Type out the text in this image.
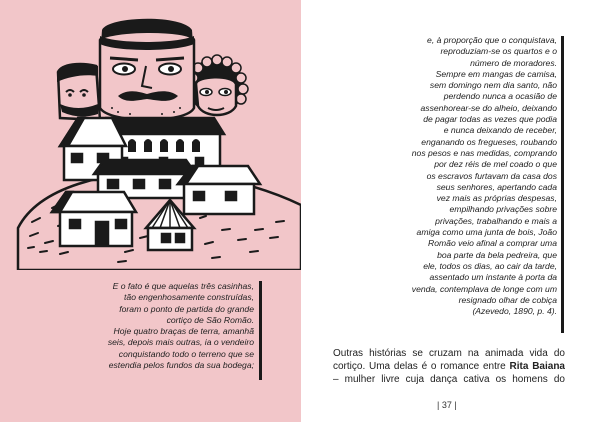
E o fato é que aquelas três casinhas,
tão engenhosamente construídas,
foram o ponto de partida do grande
cortiço de São Romão.
Hoje quatro braças de terra, amanhã
seis, depois mais outras, ia o vendeiro
conquistando todo o terreno que se
estendia pelos fundos da sua bodega;
e, à proporção que o conquistava,
reproduziam-se os quartos e o
número de moradores.
Sempre em mangas de camisa,
sem domingo nem dia santo, não
perdendo nunca a ocasião de
assenhorear-se do alheio, deixando
de pagar todas as vezes que podia
e nunca deixando de receber,
enganando os fregueses, roubando
nos pesos e nas medidas, comprando
por dez réis de mel coado o que
os escravos furtavam da casa dos
seus senhores, apertando cada
vez mais as próprias despesas,
empilhando privações sobre
privações, trabalhando e mais a
amiga como uma junta de bois, João
Romão veio afinal a comprar uma
boa parte da bela pedreira, que
ele, todos os dias, ao cair da tarde,
assentado um instante à porta da
venda, contemplava de longe com um
resignado olhar de cobiça
(Azevedo, 1890, p. 4).
Outras histórias se cruzam na animada vida do
cortiço. Uma delas é o romance entre Rita Baiana
– mulher livre cuja dança cativa os homens do
| 37 |
